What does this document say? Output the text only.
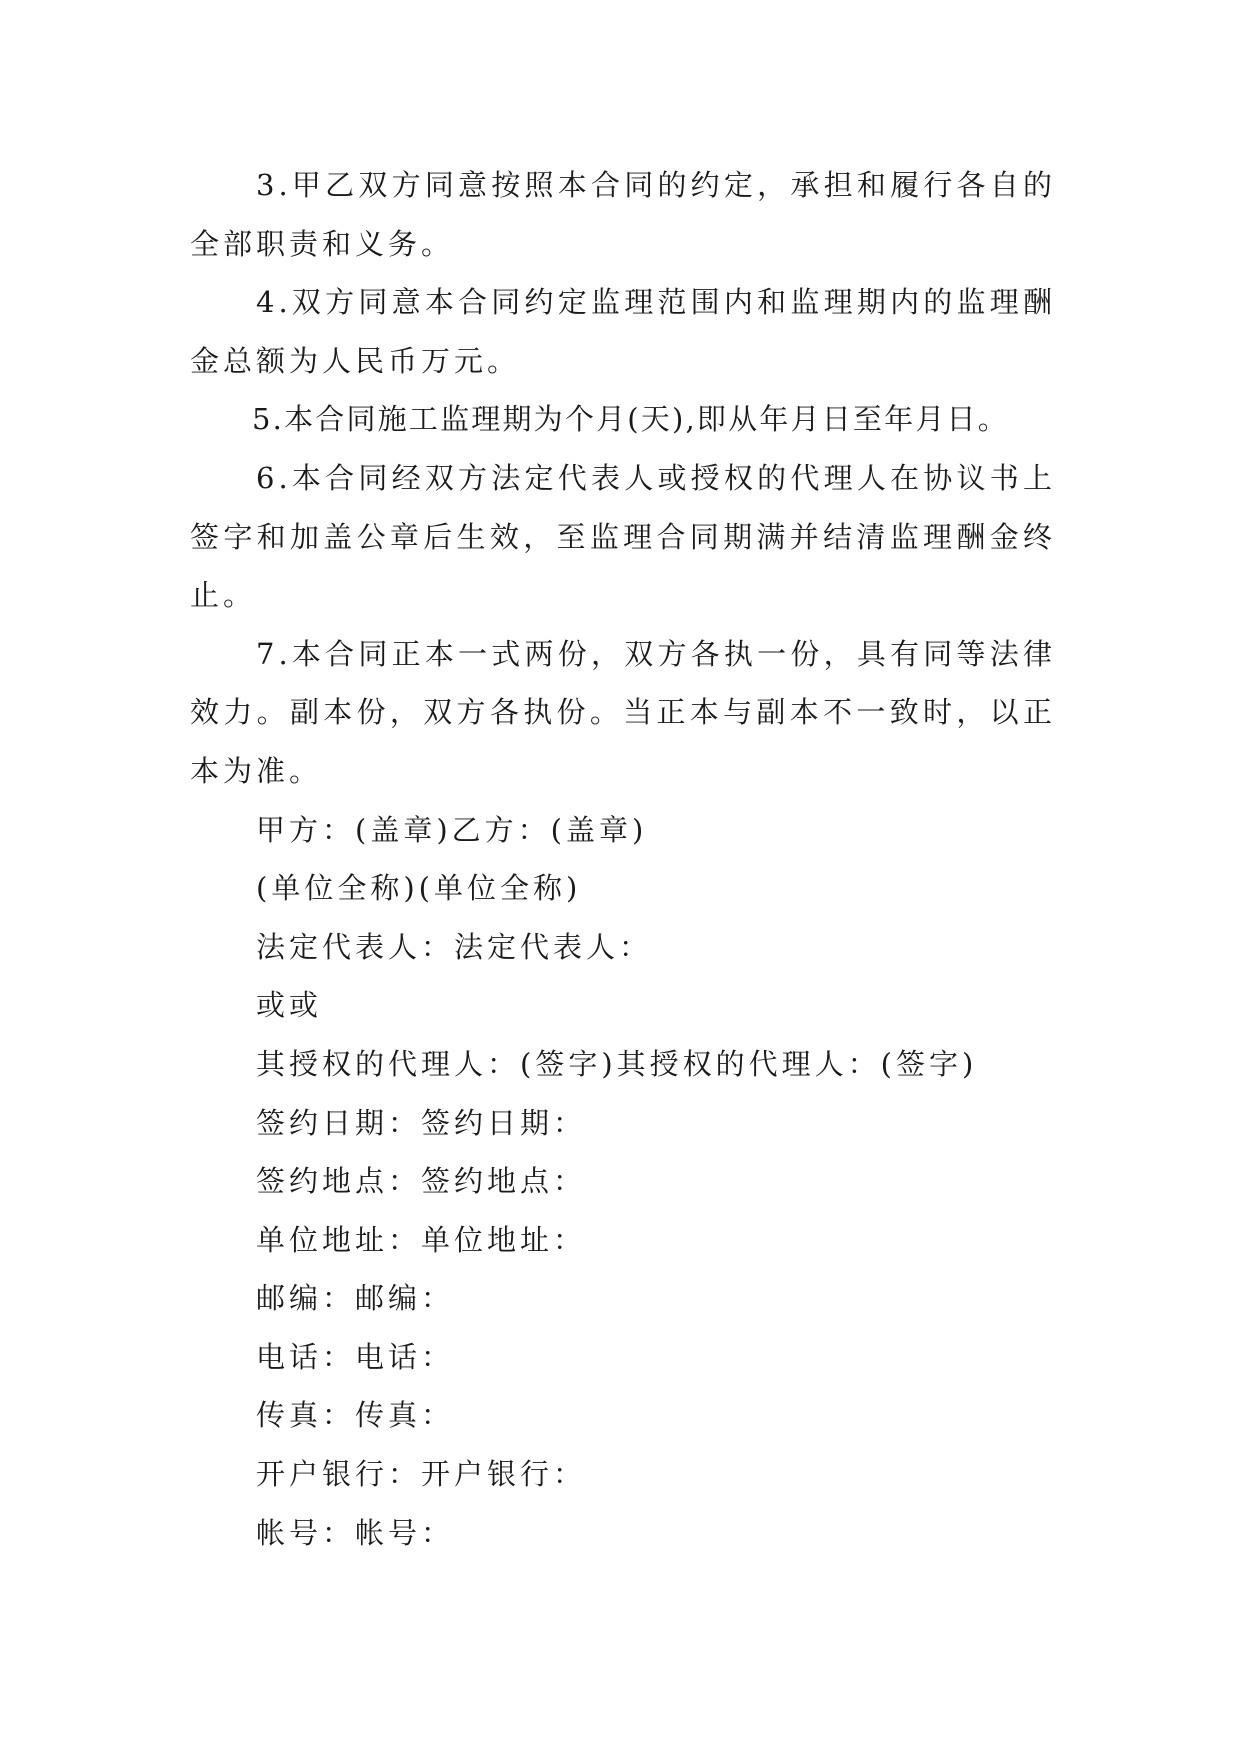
3.甲乙双方同意按照本合同的约定，承担和履行各自的全部职责和义务。

4.双方同意本合同约定监理范围内和监理期内的监理酬金总额为人民币万元。

5.本合同施工监理期为个月(天),即从年月日至年月日。

6.本合同经双方法定代表人或授权的代理人在协议书上签字和加盖公章后生效，至监理合同期满并结清监理酬金终止。

7.本合同正本一式两份，双方各执一份，具有同等法律效力。副本份，双方各执份。当正本与副本不一致时，以正本为准。

甲方：(盖章)乙方：(盖章)

(单位全称)(单位全称)

法定代表人：法定代表人：

或或

其授权的代理人：(签字)其授权的代理人：(签字)

签约日期：签约日期：

签约地点：签约地点：

单位地址：单位地址：

邮编：邮编：

电话：电话：

传真：传真：

开户银行：开户银行：

帐号：帐号：
